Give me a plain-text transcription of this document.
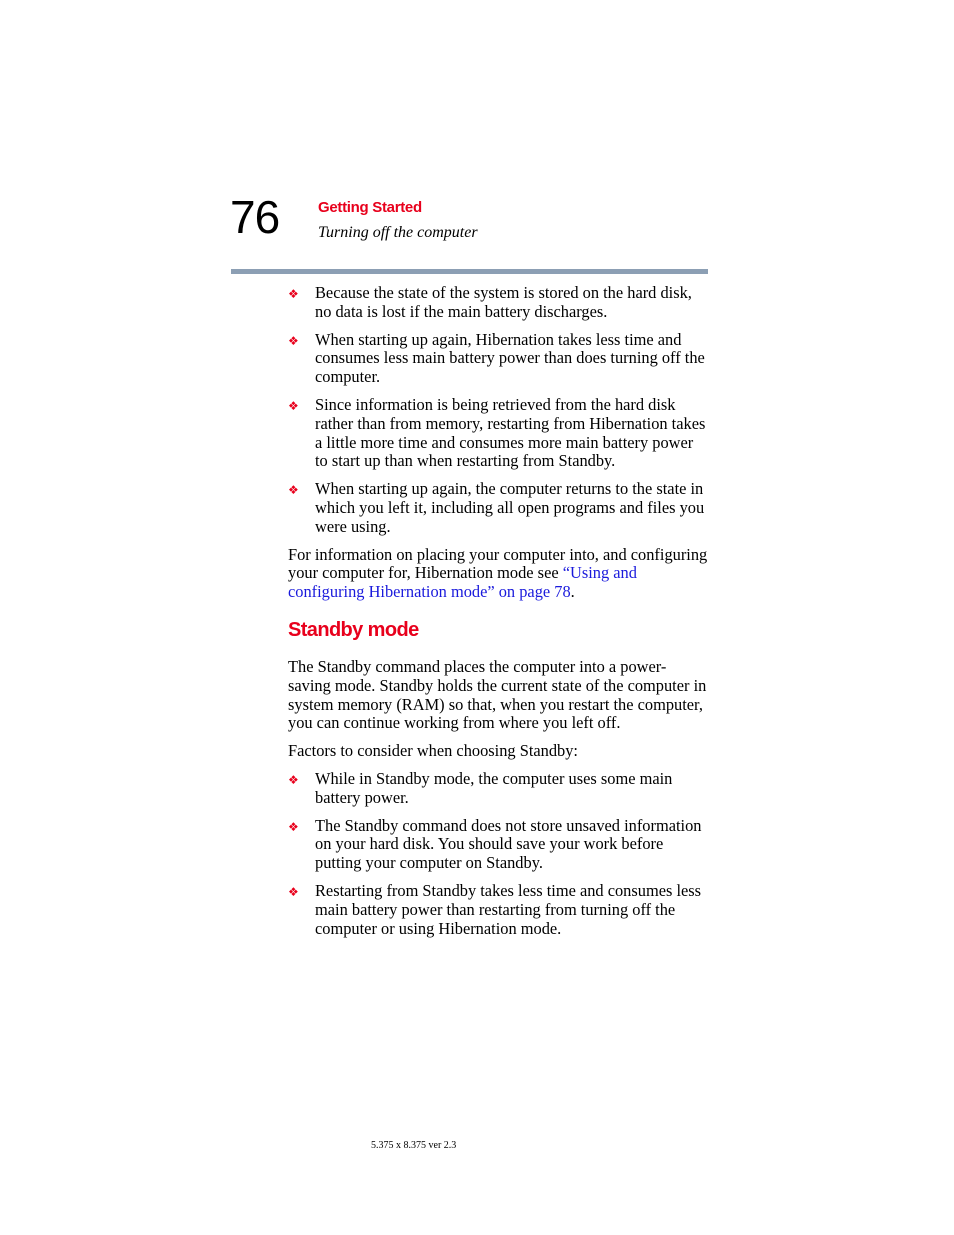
76	Getting Started
Turning off the computer
❖ Because the state of the system is stored on the hard disk, no data is lost if the main battery discharges.
❖ When starting up again, Hibernation takes less time and consumes less main battery power than does turning off the computer.
❖ Since information is being retrieved from the hard disk rather than from memory, restarting from Hibernation takes a little more time and consumes more main battery power to start up than when restarting from Standby.
❖ When starting up again, the computer returns to the state in which you left it, including all open programs and files you were using.

For information on placing your computer into, and configuring your computer for, Hibernation mode see “Using and configuring Hibernation mode” on page 78.

Standby mode

The Standby command places the computer into a power-saving mode. Standby holds the current state of the computer in system memory (RAM) so that, when you restart the computer, you can continue working from where you left off.

Factors to consider when choosing Standby:

❖ While in Standby mode, the computer uses some main battery power.
❖ The Standby command does not store unsaved information on your hard disk. You should save your work before putting your computer on Standby.
❖ Restarting from Standby takes less time and consumes less main battery power than restarting from turning off the computer or using Hibernation mode.
5.375 x 8.375 ver 2.3
